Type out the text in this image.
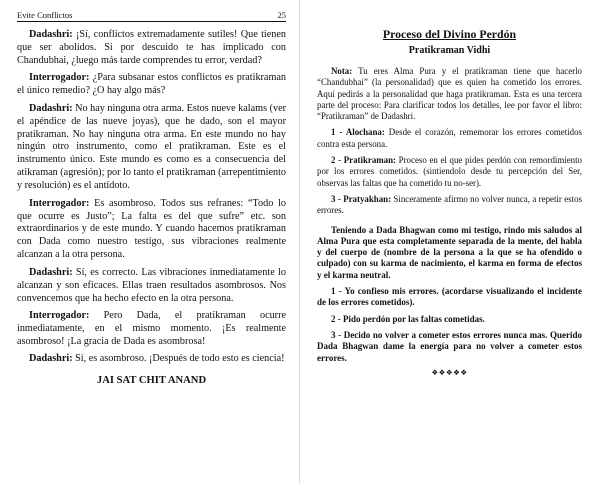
Evite Conflictos	25

Dadashri: ¡Sí, conflictos extremadamente sutiles! Que tienen que ser abolidos. Si por descuido te has implicado con Chandubhai, ¿luego más tarde comprendes tu error, verdad?

Interrogador: ¿Para subsanar estos conflictos es pratikraman el único remedio? ¿O hay algo más?

Dadashri: No hay ninguna otra arma. Estos nueve kalams (ver el apéndice de las nueve joyas), que he dado, son el mayor pratikraman. No hay ninguna otra arma. En este mundo no hay ningún otro instrumento, como el pratikraman. Este es el instrumento único. Este mundo es como es a consecuencia del atikraman (agresión); por lo tanto el pratikraman (arrepentimiento y resolución) es el antídoto.

Interrogador: Es asombroso. Todos sus refranes: “Todo lo que ocurre es Justo”; La falta es del que sufre” etc. son extraordinarios y de este mundo. Y cuando hacemos pratikraman con Dada como nuestro testigo, sus vibraciones realmente alcanzan a la otra persona.

Dadashri: Sí, es correcto. Las vibraciones inmediatamente lo alcanzan y son eficaces. Ellas traen resultados asombrosos. Nos convencemos que ha hecho efecto en la otra persona.

Interrogador: Pero Dada, el pratikraman ocurre inmediatamente, en el mismo momento. ¡Es realmente asombroso! ¡La gracia de Dada es asombrosa!

Dadashri: Sí, es asombroso. ¡Después de todo esto es ciencia!

JAI SAT CHIT ANAND

Proceso del Divino Perdón
Pratikraman Vidhi

Nota: Tu eres Alma Pura y el pratikraman tiene que hacerlo “Chandubhai” (la personalidad) que es quien ha cometido los errores. Aquí pedirás a la personalidad que haga pratikraman. Esta es una tercera parte del proceso: Para clarificar todos los detalles, lee por favor el libro: “Pratikraman” de Dadashri.

1 - Alochana: Desde el corazón, rememorar los errores cometidos contra esta persona.

2 - Pratikraman: Proceso en el que pides perdón con remordimiento por los errores cometidos. (sintiendolo desde tu percepción del Ser, observas las faltas que ha cometido tu no-ser).

3 - Pratyakhan: Sinceramente afirmo no volver nunca, a repetir estos errores.

Teniendo a Dada Bhagwan como mi testigo, rindo mis saludos al Alma Pura que esta completamente separada de la mente, del habla y del cuerpo de (nombre de la persona a la que se ha ofendido o culpado) con su karma de nacimiento, el karma en forma de efectos y el karma neutral.

1 - Yo confieso mis errores. (acordarse visualizando el incidente de los errores cometidos).

2 - Pido perdón por las faltas cometidas.

3 - Decido no volver a cometer estos errores nunca mas. Querido Dada Bhagwan dame la energía para no volver a cometer estos errores.

❖❖❖❖❖
